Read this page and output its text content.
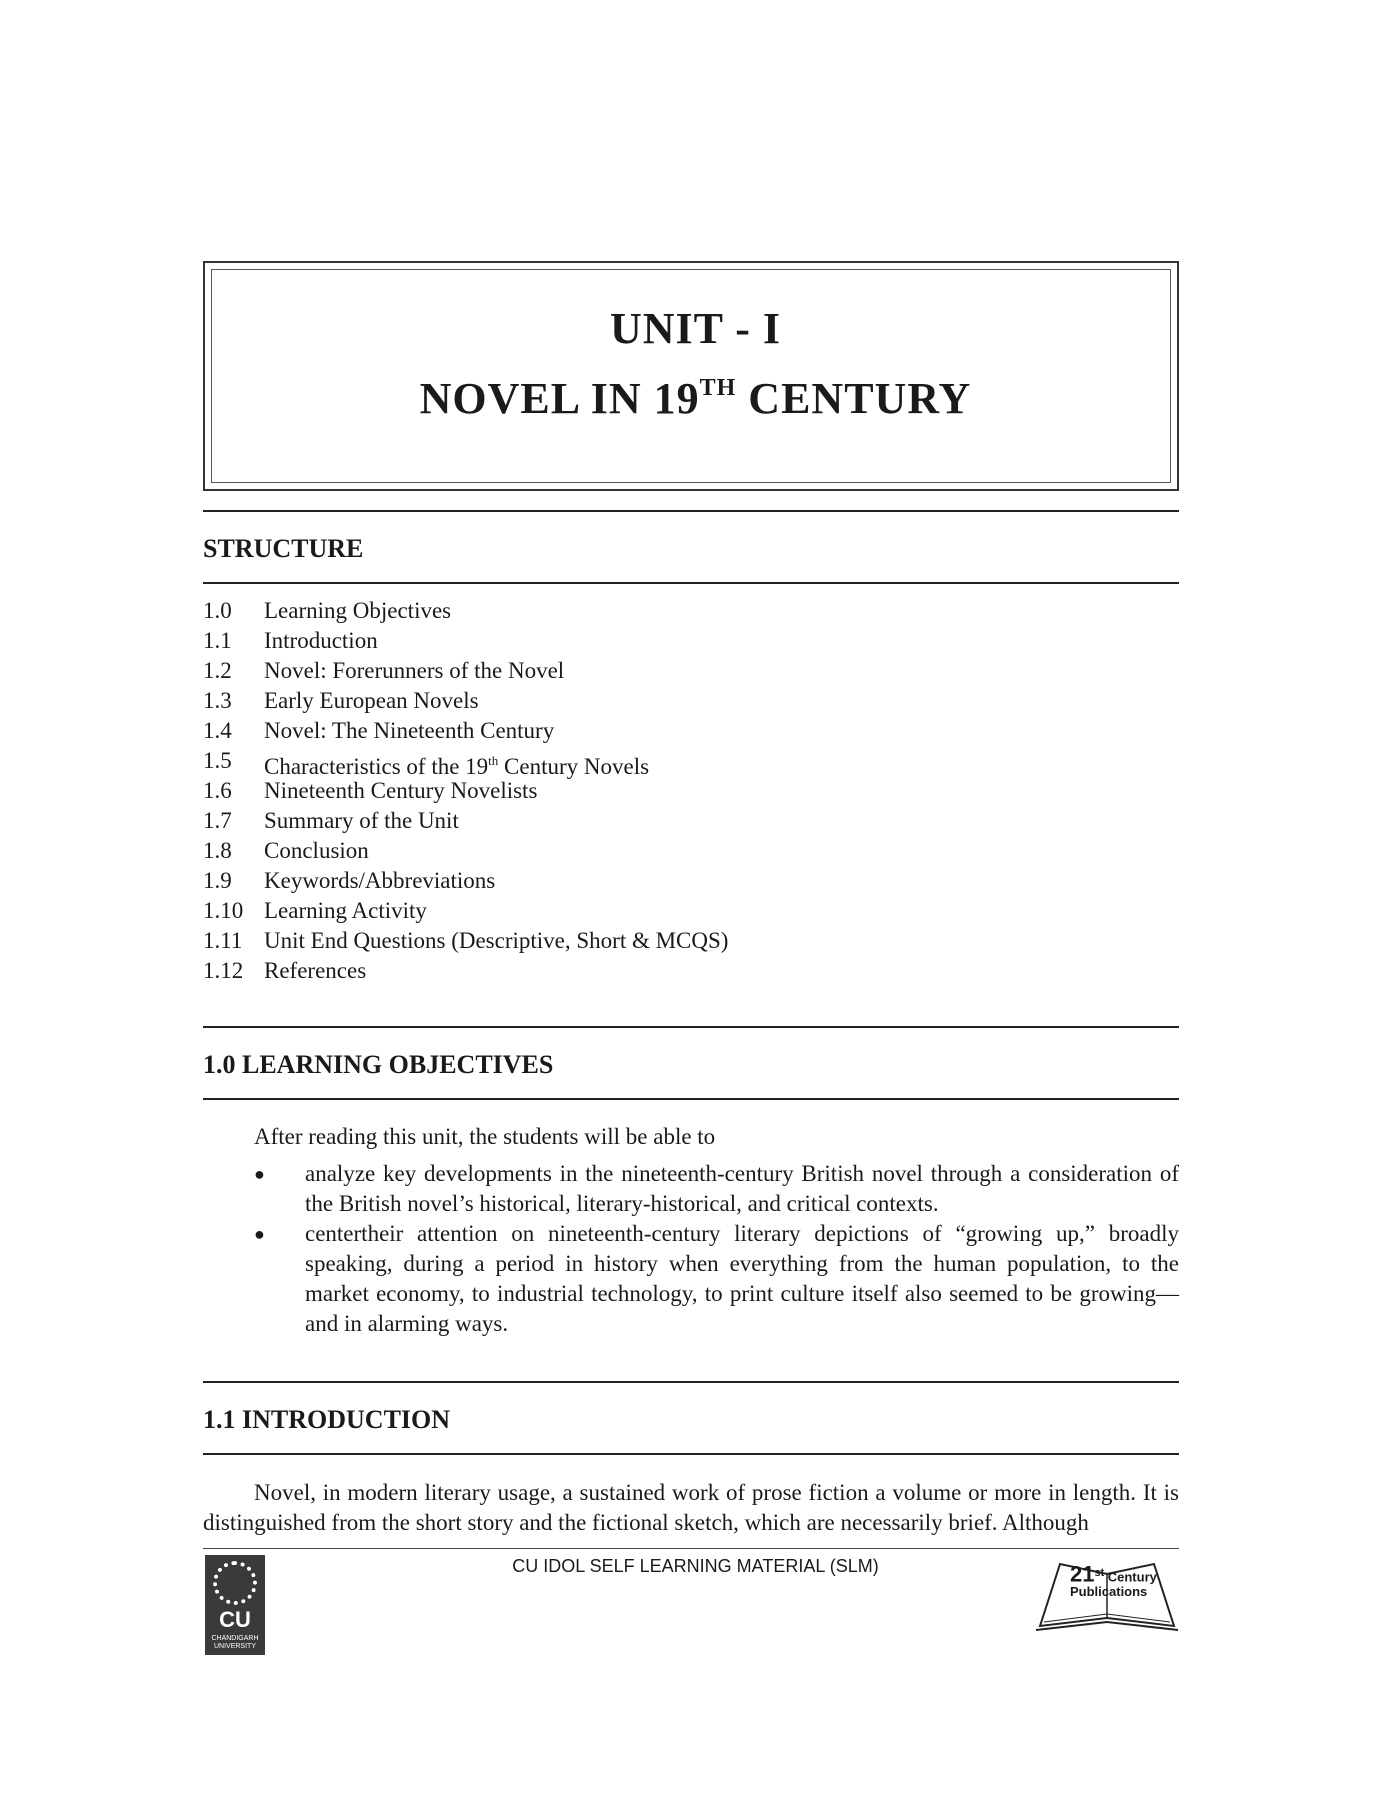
UNIT - I
NOVEL IN 19TH CENTURY
STRUCTURE
1.0	Learning Objectives
1.1	Introduction
1.2	Novel: Forerunners of the Novel
1.3	Early European Novels
1.4	Novel: The Nineteenth Century
1.5	Characteristics of the 19th Century Novels
1.6	Nineteenth Century Novelists
1.7	Summary of the Unit
1.8	Conclusion
1.9	Keywords/Abbreviations
1.10 Learning Activity
1.11 Unit End Questions (Descriptive, Short & MCQS)
1.12 References
1.0 LEARNING OBJECTIVES
After reading this unit, the students will be able to
●	analyze key developments in the nineteenth-century British novel through a consideration of the British novel’s historical, literary-historical, and critical contexts.
●	centertheir attention on nineteenth-century literary depictions of “growing up,” broadly speaking, during a period in history when everything from the human population, to the market economy, to industrial technology, to print culture itself also seemed to be growing—and in alarming ways.
1.1 INTRODUCTION
Novel, in modern literary usage, a sustained work of prose fiction a volume or more in length. It is distinguished from the short story and the fictional sketch, which are necessarily brief. Although
CU IDOL SELF LEARNING MATERIAL (SLM)
CU
CHANDIGARH UNIVERSITY
21st Century
Publications
